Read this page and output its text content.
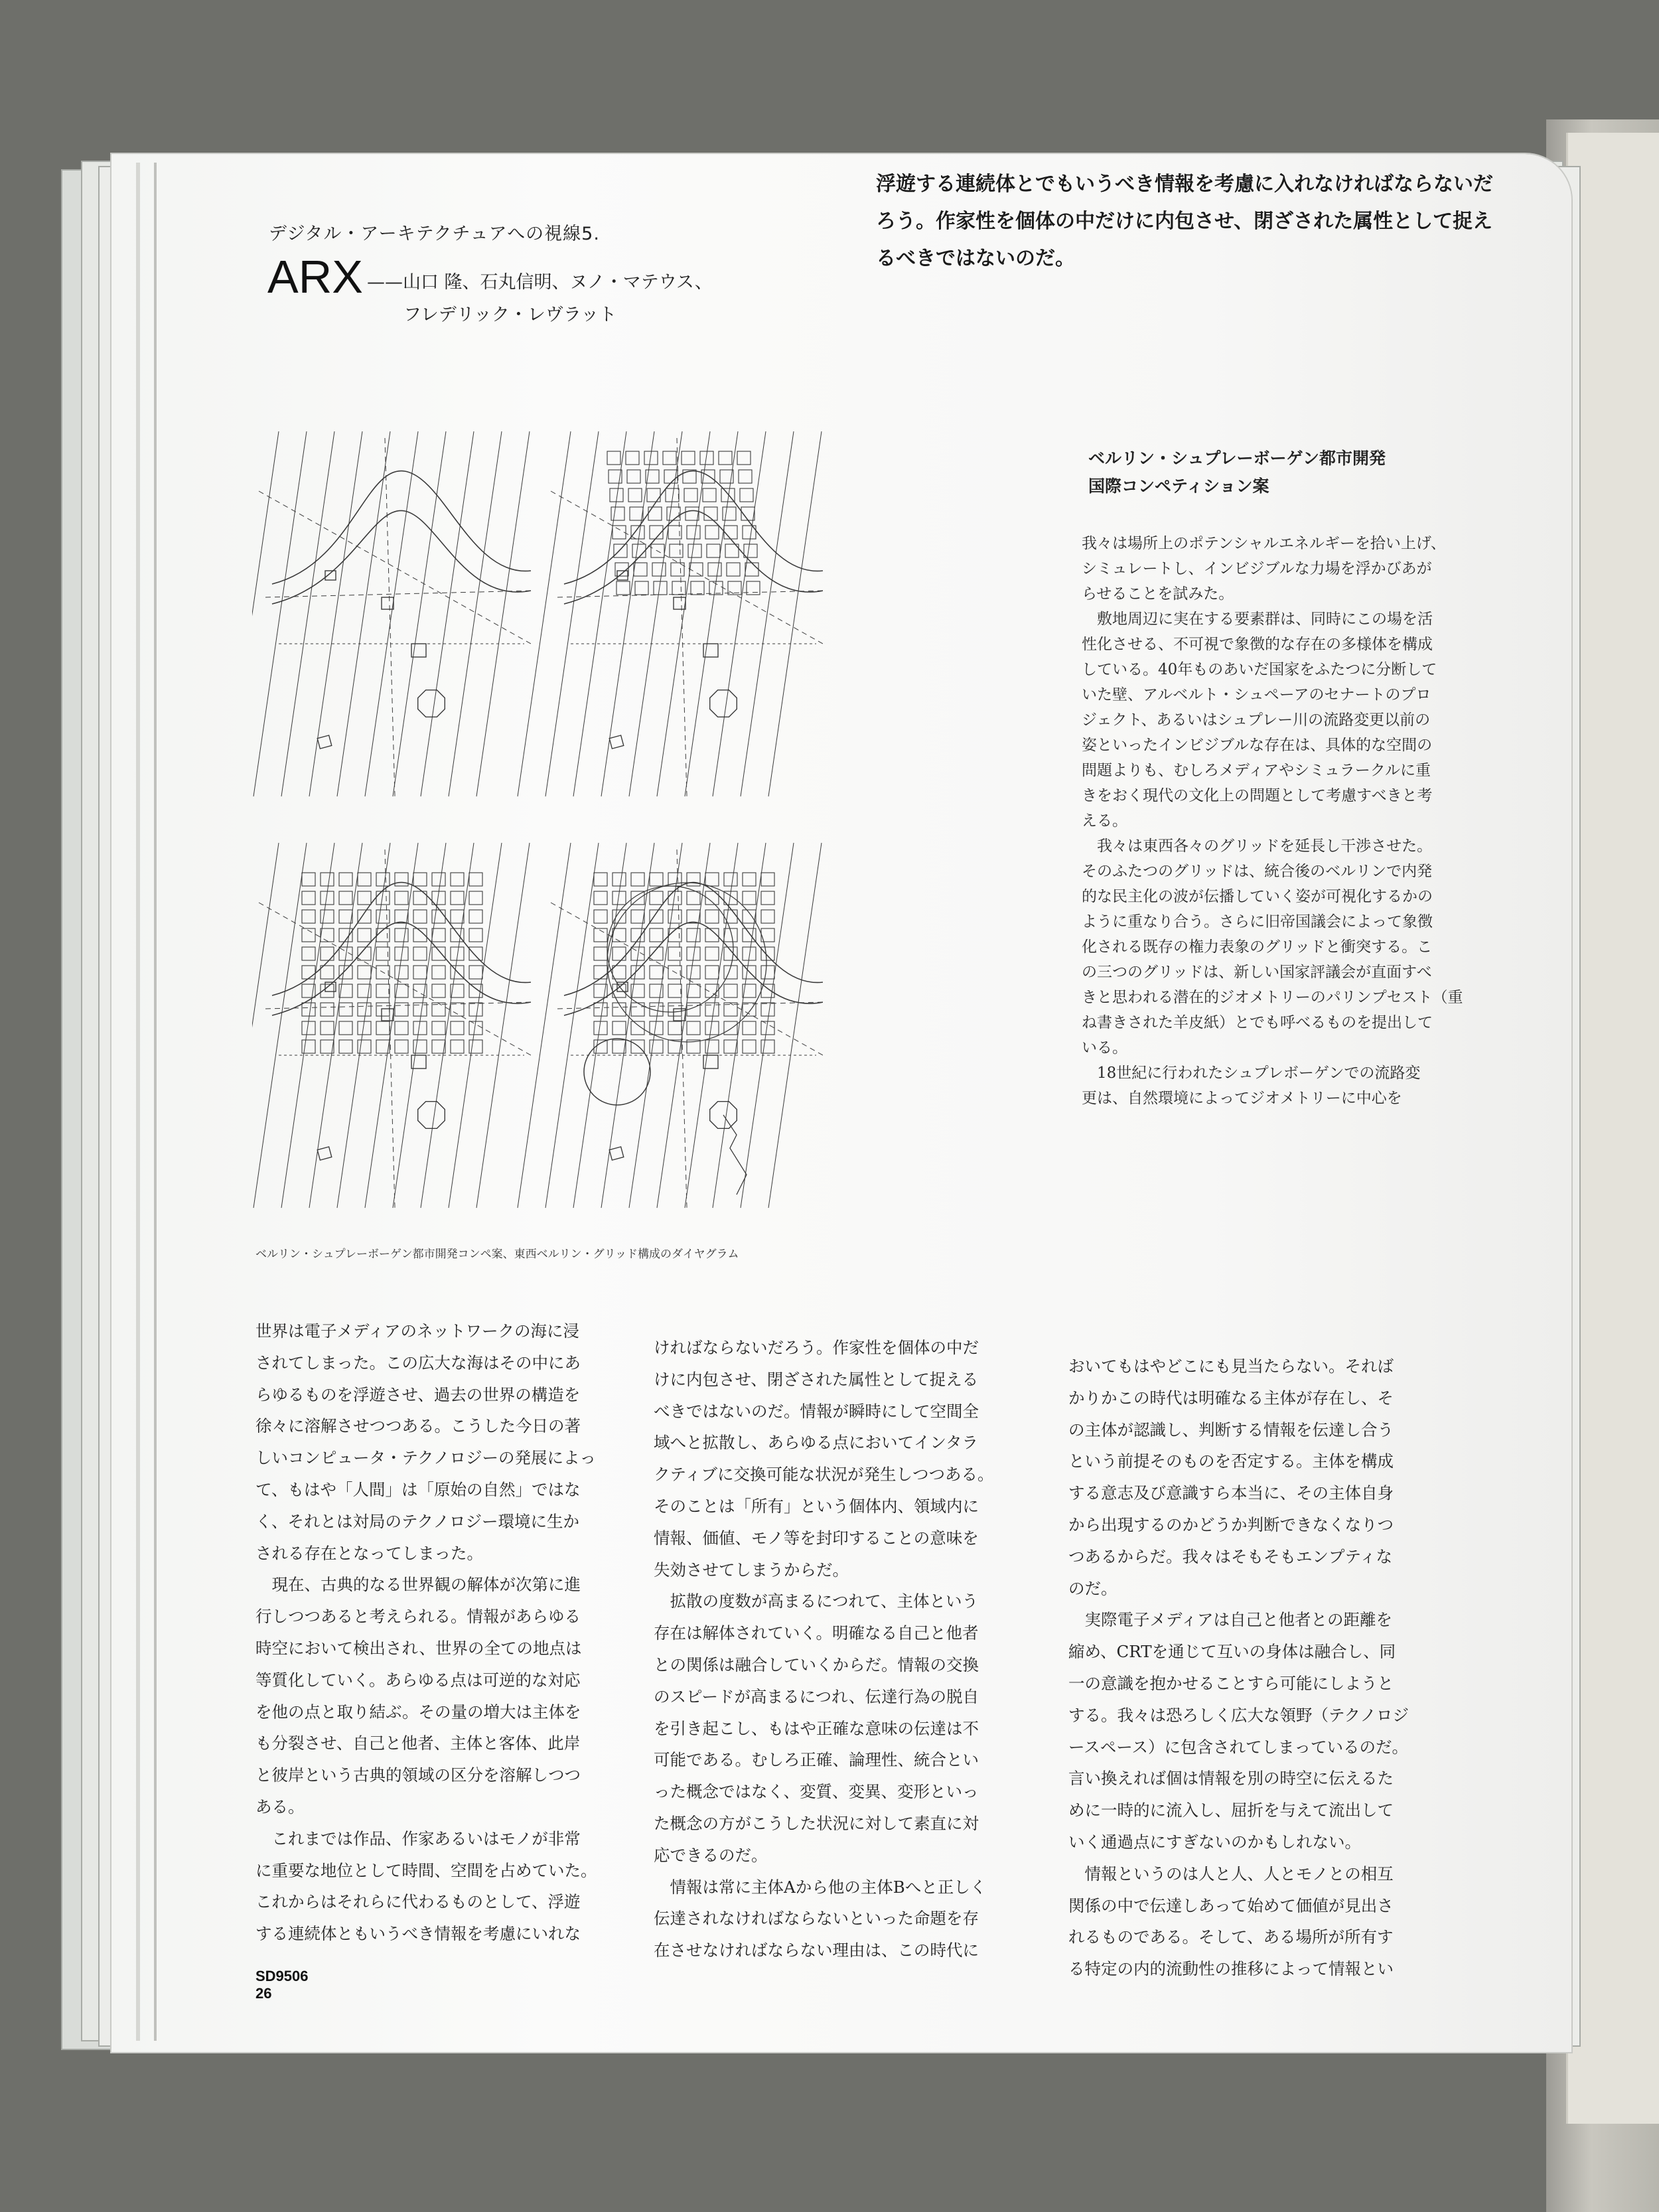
デジタル・アーキテクチュアへの視線5.
ARX ——山口 隆、石丸信明、ヌノ・マテウス、
フレデリック・レヴラット
浮遊する連続体とでもいうべき情報を考慮に入れなければならないだ
ろう。作家性を個体の中だけに内包させ、閉ざされた属性として捉え
るべきではないのだ。
ベルリン・シュプレーボーゲン都市開発
国際コンペティション案
我々は場所上のポテンシャルエネルギーを拾い上げ、
シミュレートし、インビジブルな力場を浮かびあが
らせることを試みた。
　敷地周辺に実在する要素群は、同時にこの場を活
性化させる、不可視で象徴的な存在の多様体を構成
している。40年ものあいだ国家をふたつに分断して
いた壁、アルベルト・シュペーアのセナートのプロ
ジェクト、あるいはシュプレー川の流路変更以前の
姿といったインビジブルな存在は、具体的な空間の
問題よりも、むしろメディアやシミュラークルに重
きをおく現代の文化上の問題として考慮すべきと考
える。
　我々は東西各々のグリッドを延長し干渉させた。
そのふたつのグリッドは、統合後のベルリンで内発
的な民主化の波が伝播していく姿が可視化するかの
ように重なり合う。さらに旧帝国議会によって象徴
化される既存の権力表象のグリッドと衝突する。こ
の三つのグリッドは、新しい国家評議会が直面すべ
きと思われる潜在的ジオメトリーのパリンプセスト（重
ね書きされた羊皮紙）とでも呼べるものを提出して
いる。
　18世紀に行われたシュプレボーゲンでの流路変
更は、自然環境によってジオメトリーに中心を
ベルリン・シュプレーボーゲン都市開発コンペ案、東西ベルリン・グリッド構成のダイヤグラム
世界は電子メディアのネットワークの海に浸
されてしまった。この広大な海はその中にあ
らゆるものを浮遊させ、過去の世界の構造を
徐々に溶解させつつある。こうした今日の著
しいコンピュータ・テクノロジーの発展によっ
て、もはや「人間」は「原始の自然」ではな
く、それとは対局のテクノロジー環境に生か
される存在となってしまった。
　現在、古典的なる世界観の解体が次第に進
行しつつあると考えられる。情報があらゆる
時空において検出され、世界の全ての地点は
等質化していく。あらゆる点は可逆的な対応
を他の点と取り結ぶ。その量の増大は主体を
も分裂させ、自己と他者、主体と客体、此岸
と彼岸という古典的領域の区分を溶解しつつ
ある。
　これまでは作品、作家あるいはモノが非常
に重要な地位として時間、空間を占めていた。
これからはそれらに代わるものとして、浮遊
する連続体ともいうべき情報を考慮にいれな
ければならないだろう。作家性を個体の中だ
けに内包させ、閉ざされた属性として捉える
べきではないのだ。情報が瞬時にして空間全
域へと拡散し、あらゆる点においてインタラ
クティブに交換可能な状況が発生しつつある。
そのことは「所有」という個体内、領域内に
情報、価値、モノ等を封印することの意味を
失効させてしまうからだ。
　拡散の度数が高まるにつれて、主体という
存在は解体されていく。明確なる自己と他者
との関係は融合していくからだ。情報の交換
のスピードが高まるにつれ、伝達行為の脱自
を引き起こし、もはや正確な意味の伝達は不
可能である。むしろ正確、論理性、統合とい
った概念ではなく、変質、変異、変形といっ
た概念の方がこうした状況に対して素直に対
応できるのだ。
　情報は常に主体Aから他の主体Bへと正しく
伝達されなければならないといった命題を存
在させなければならない理由は、この時代に
おいてもはやどこにも見当たらない。それば
かりかこの時代は明確なる主体が存在し、そ
の主体が認識し、判断する情報を伝達し合う
という前提そのものを否定する。主体を構成
する意志及び意識すら本当に、その主体自身
から出現するのかどうか判断できなくなりつ
つあるからだ。我々はそもそもエンプティな
のだ。
　実際電子メディアは自己と他者との距離を
縮め、CRTを通じて互いの身体は融合し、同
一の意識を抱かせることすら可能にしようと
する。我々は恐ろしく広大な領野（テクノロジ
ースペース）に包含されてしまっているのだ。
言い換えれば個は情報を別の時空に伝えるた
めに一時的に流入し、屈折を与えて流出して
いく通過点にすぎないのかもしれない。
　情報というのは人と人、人とモノとの相互
関係の中で伝達しあって始めて価値が見出さ
れるものである。そして、ある場所が所有す
る特定の内的流動性の推移によって情報とい
SD9506
26
